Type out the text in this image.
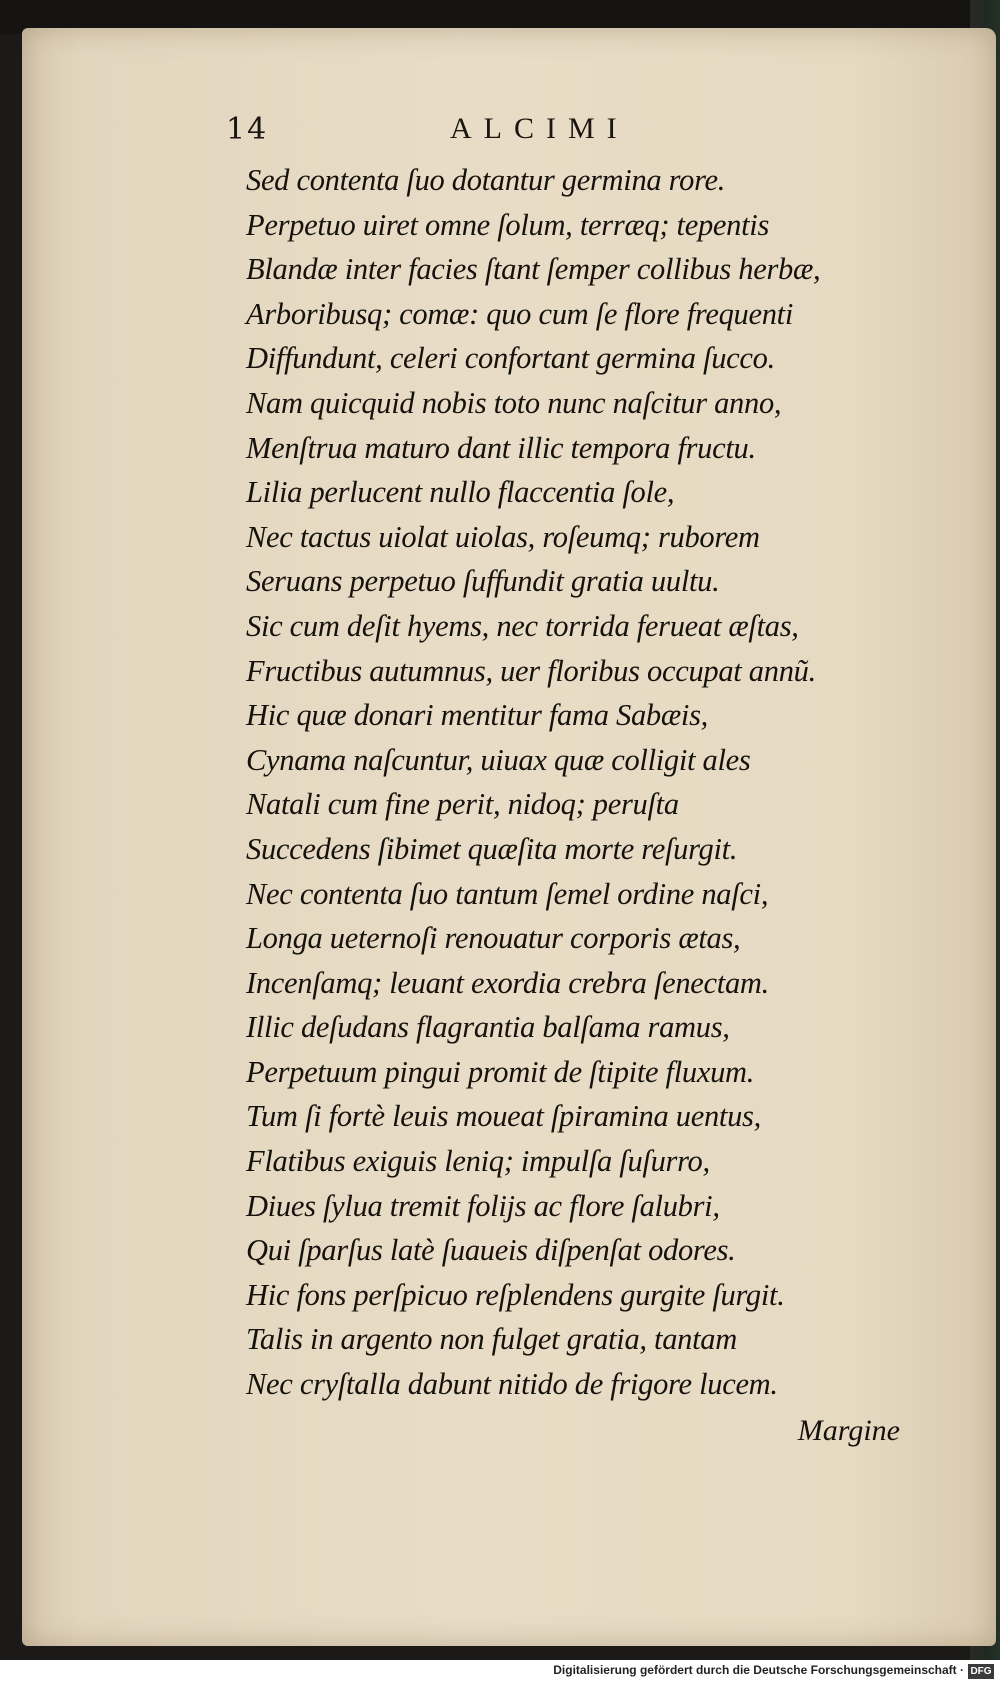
14	ALCIMI
Sed contenta ſuo dotantur germina rore.
Perpetuo uiret omne ſolum, terræq; tepentis
Blandæ inter facies ſtant ſemper collibus herbæ,
Arboribusq; comæ: quo cum ſe flore frequenti
Diffundunt, celeri confortant germina ſucco.
Nam quicquid nobis toto nunc naſcitur anno,
Menſtrua maturo dant illic tempora fructu.
Lilia perlucent nullo flaccentia ſole,
Nec tactus uiolat uiolas, roſeumq; ruborem
Seruans perpetuo ſuffundit gratia uultu.
Sic cum deſit hyems, nec torrida ferueat æſtas,
Fructibus autumnus, uer floribus occupat annũ.
Hic quæ donari mentitur fama Sabæis,
Cynama naſcuntur, uiuax quæ colligit ales
Natali cum fine perit, nidoq; peruſta
Succedens ſibimet quæſita morte reſurgit.
Nec contenta ſuo tantum ſemel ordine naſci,
Longa ueternoſi renouatur corporis ætas,
Incenſamq; leuant exordia crebra ſenectam.
Illic deſudans flagrantia balſama ramus,
Perpetuum pingui promit de ſtipite fluxum.
Tum ſi fortè leuis moueat ſpiramina uentus,
Flatibus exiguis leniq; impulſa ſuſurro,
Diues ſylua tremit folijs ac flore ſalubri,
Qui ſparſus latè ſuaueis diſpenſat odores.
Hic fons perſpicuo reſplendens gurgite ſurgit.
Talis in argento non fulget gratia, tantam
Nec cryſtalla dabunt nitido de frigore lucem.
Margine
Digitalisierung gefördert durch die Deutsche Forschungsgemeinschaft · DFG
